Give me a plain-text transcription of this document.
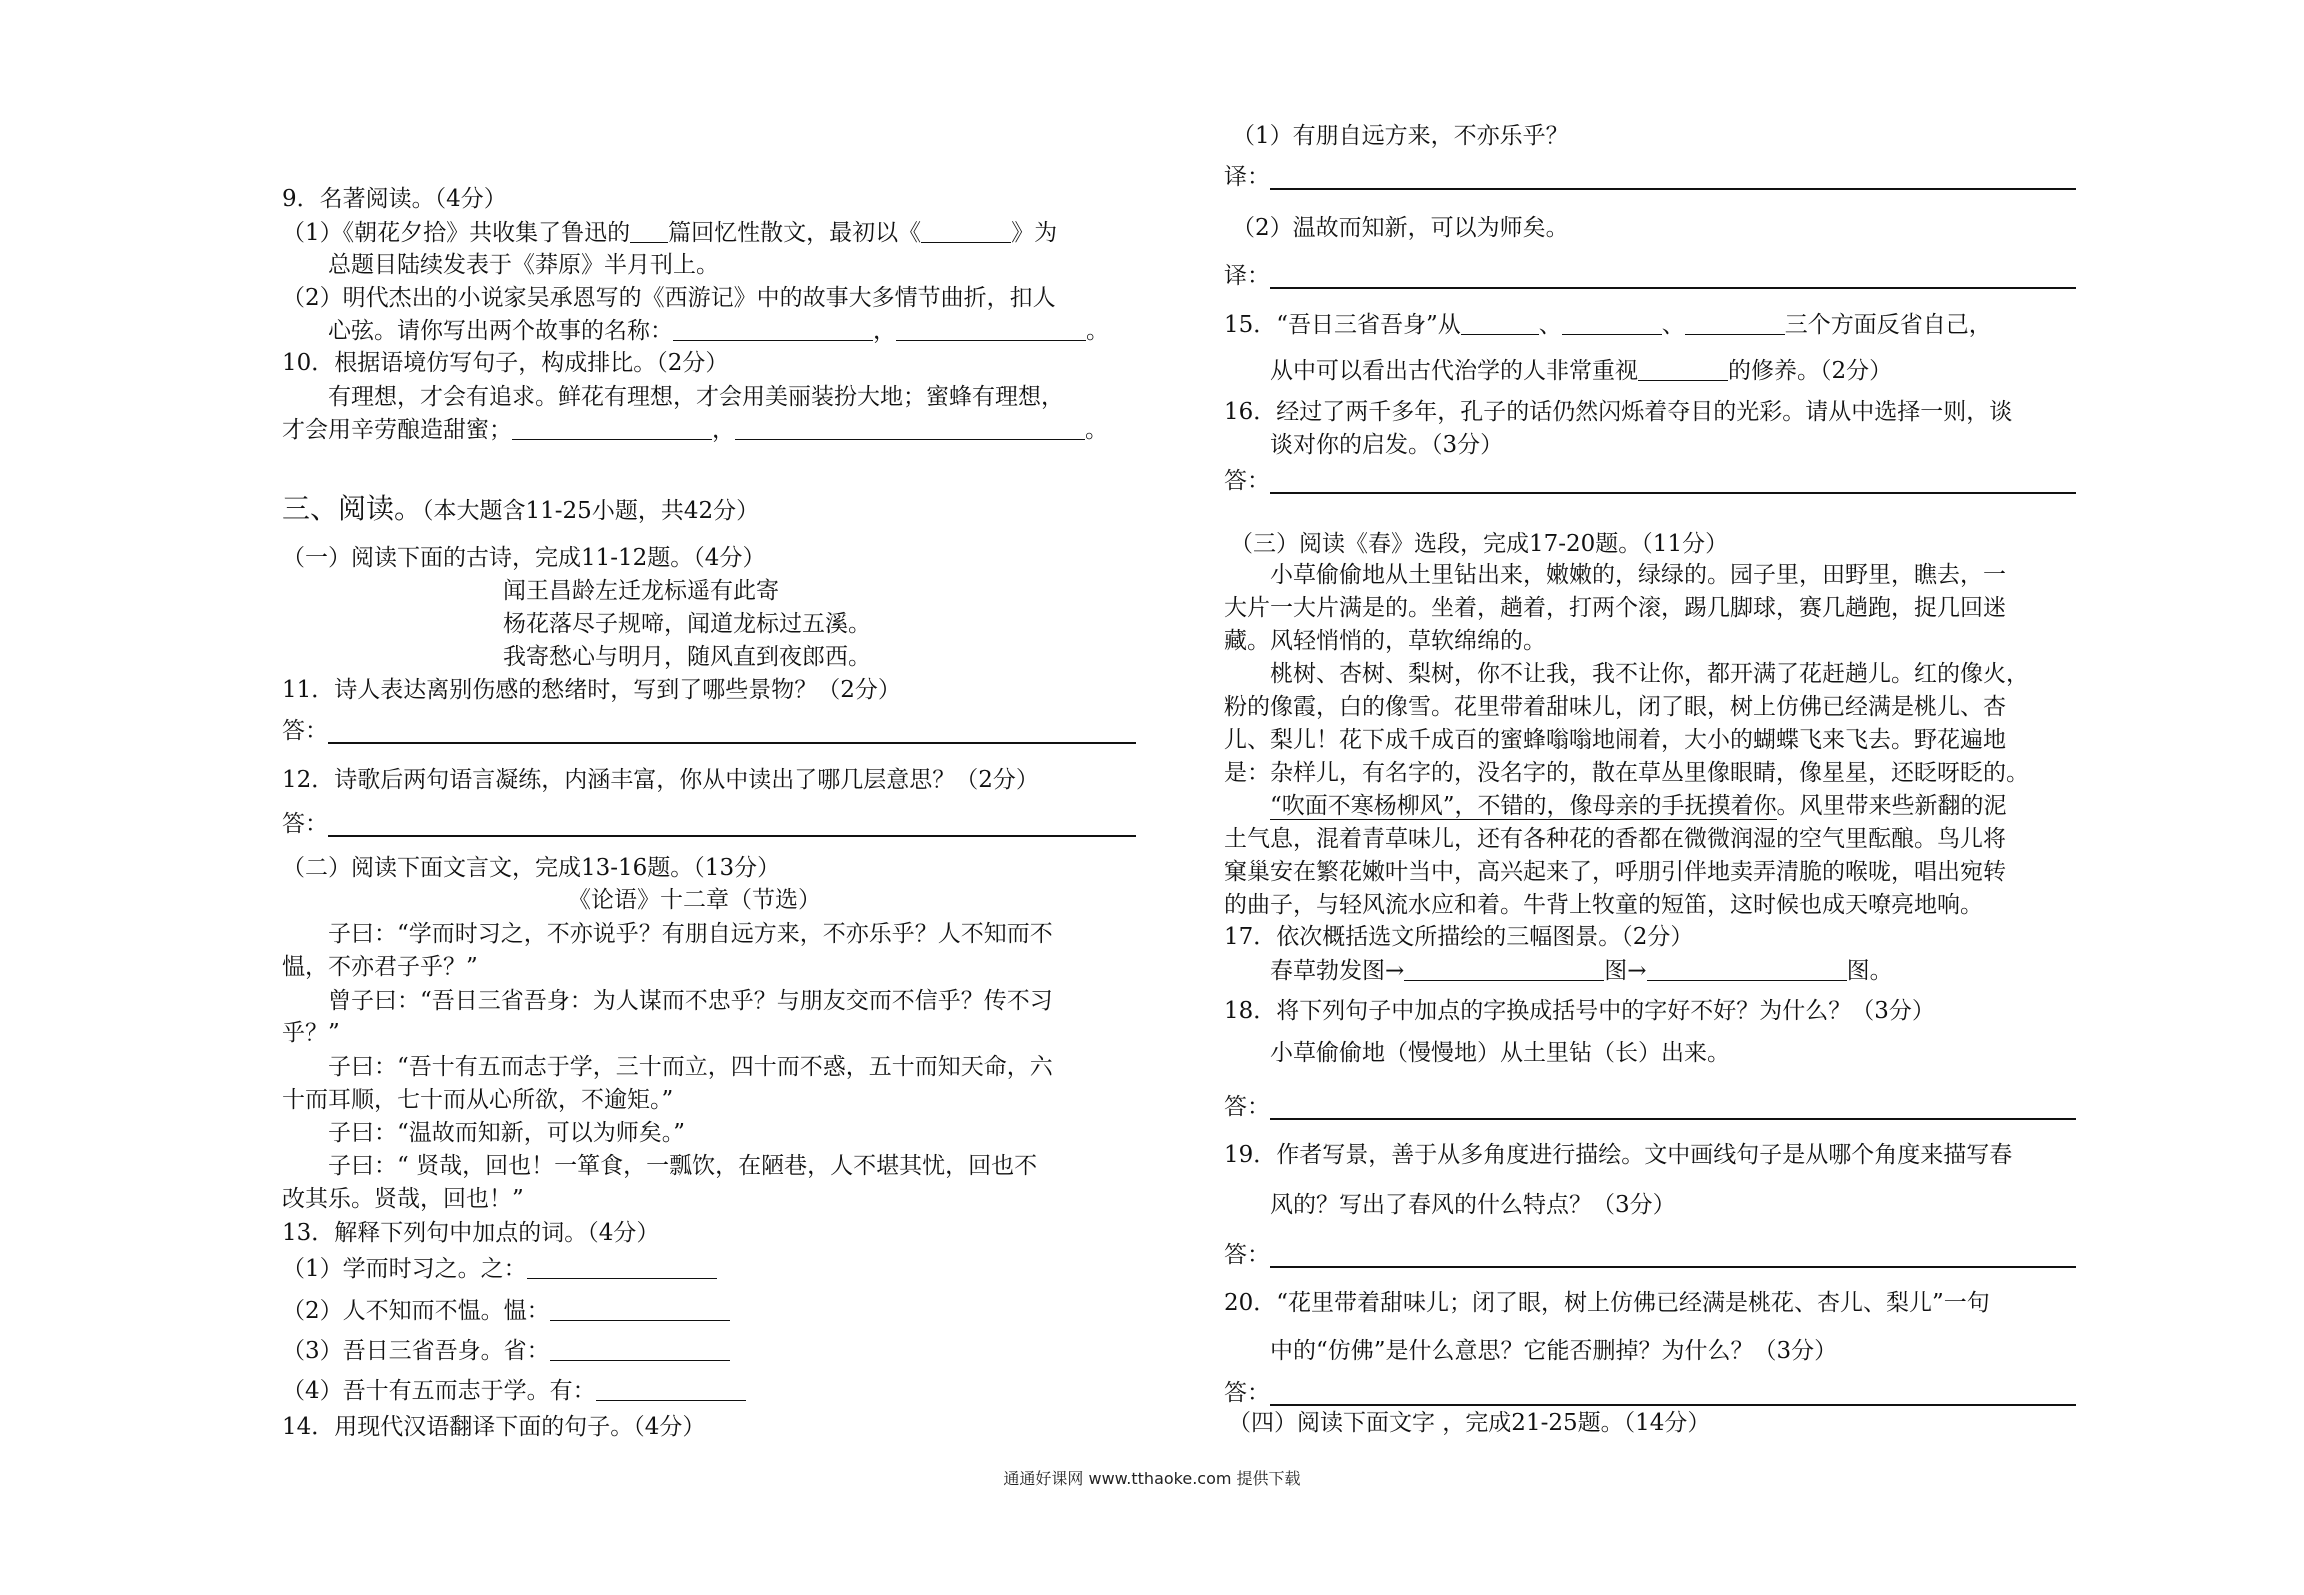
9．名著阅读。（4分）
（1）《朝花夕拾》共收集了鲁迅的 篇回忆性散文，最初以《	》为
总题目陆续发表于《莽原》半月刊上。
（2）明代杰出的小说家吴承恩写的《西游记》中的故事大多情节曲折，扣人
心弦。请你写出两个故事的名称：	，	。
10．根据语境仿写句子，构成排比。（2分）
有理想，才会有追求。鲜花有理想，才会用美丽装扮大地；蜜蜂有理想，
才会用辛劳酿造甜蜜；	，	。
三、阅读。（本大题含11-25小题，共42分）
（一）阅读下面的古诗，完成11-12题。（4分）
闻王昌龄左迁龙标遥有此寄
杨花落尽子规啼，闻道龙标过五溪。
我寄愁心与明月，随风直到夜郎西。
11．诗人表达离别伤感的愁绪时，写到了哪些景物？（2分）
答：
12．诗歌后两句语言凝练，内涵丰富，你从中读出了哪几层意思？（2分）
答：
（二）阅读下面文言文，完成13-16题。（13分）
《论语》十二章（节选）
子曰：“学而时习之，不亦说乎？有朋自远方来，不亦乐乎？人不知而不
愠，不亦君子乎？”
曾子曰：“吾日三省吾身：为人谋而不忠乎？与朋友交而不信乎？传不习
乎？”
子曰：“吾十有五而志于学，三十而立，四十而不惑，五十而知天命，六
十而耳顺，七十而从心所欲，不逾矩。”
子曰：“温故而知新，可以为师矣。”
子曰：“ 贤哉，回也！一箪食，一瓢饮，在陋巷，人不堪其忧，回也不
改其乐。贤哉，回也！”
13．解释下列句中加点的词。（4分）
（1）学而时习之。之：
（2）人不知而不愠。愠：
（3）吾日三省吾身。省：
（4）吾十有五而志于学。有：
14．用现代汉语翻译下面的句子。（4分）
（1）有朋自远方来，不亦乐乎？
译：
（2）温故而知新，可以为师矣。
译：
15．“吾日三省吾身”从	、	、	三个方面反省自己，
从中可以看出古代治学的人非常重视	的修养。（2分）
16．经过了两千多年，孔子的话仍然闪烁着夺目的光彩。请从中选择一则，谈
谈对你的启发。（3分）
答：
（三）阅读《春》选段，完成17-20题。（11分）
小草偷偷地从土里钻出来，嫩嫩的，绿绿的。园子里，田野里，瞧去，一
大片一大片满是的。坐着，趟着，打两个滚，踢几脚球，赛几趟跑，捉几回迷
藏。风轻悄悄的，草软绵绵的。
桃树、杏树、梨树，你不让我，我不让你，都开满了花赶趟儿。红的像火，
粉的像霞，白的像雪。花里带着甜味儿，闭了眼，树上仿佛已经满是桃儿、杏
儿、梨儿！花下成千成百的蜜蜂嗡嗡地闹着，大小的蝴蝶飞来飞去。野花遍地
是：杂样儿，有名字的，没名字的，散在草丛里像眼睛，像星星，还眨呀眨的。
“吹面不寒杨柳风”，不错的，像母亲的手抚摸着你。风里带来些新翻的泥
土气息，混着青草味儿，还有各种花的香都在微微润湿的空气里酝酿。鸟儿将
窠巢安在繁花嫩叶当中，高兴起来了，呼朋引伴地卖弄清脆的喉咙，唱出宛转
的曲子，与轻风流水应和着。牛背上牧童的短笛，这时候也成天嘹亮地响。
17．依次概括选文所描绘的三幅图景。（2分）
春草勃发图→	图→	图。
18．将下列句子中加点的字换成括号中的字好不好？为什么？（3分）
小草偷偷地（慢慢地）从土里钻（长）出来。
答：
19．作者写景，善于从多角度进行描绘。文中画线句子是从哪个角度来描写春
风的？写出了春风的什么特点？（3分）
答：
20．“花里带着甜味儿；闭了眼，树上仿佛已经满是桃花、杏儿、梨儿”一句
中的“仿佛”是什么意思？它能否删掉？为什么？（3分）
答：
（四）阅读下面文字 ，完成21-25题。（14分）
通通好课网 www.tthaoke.com 提供下载
